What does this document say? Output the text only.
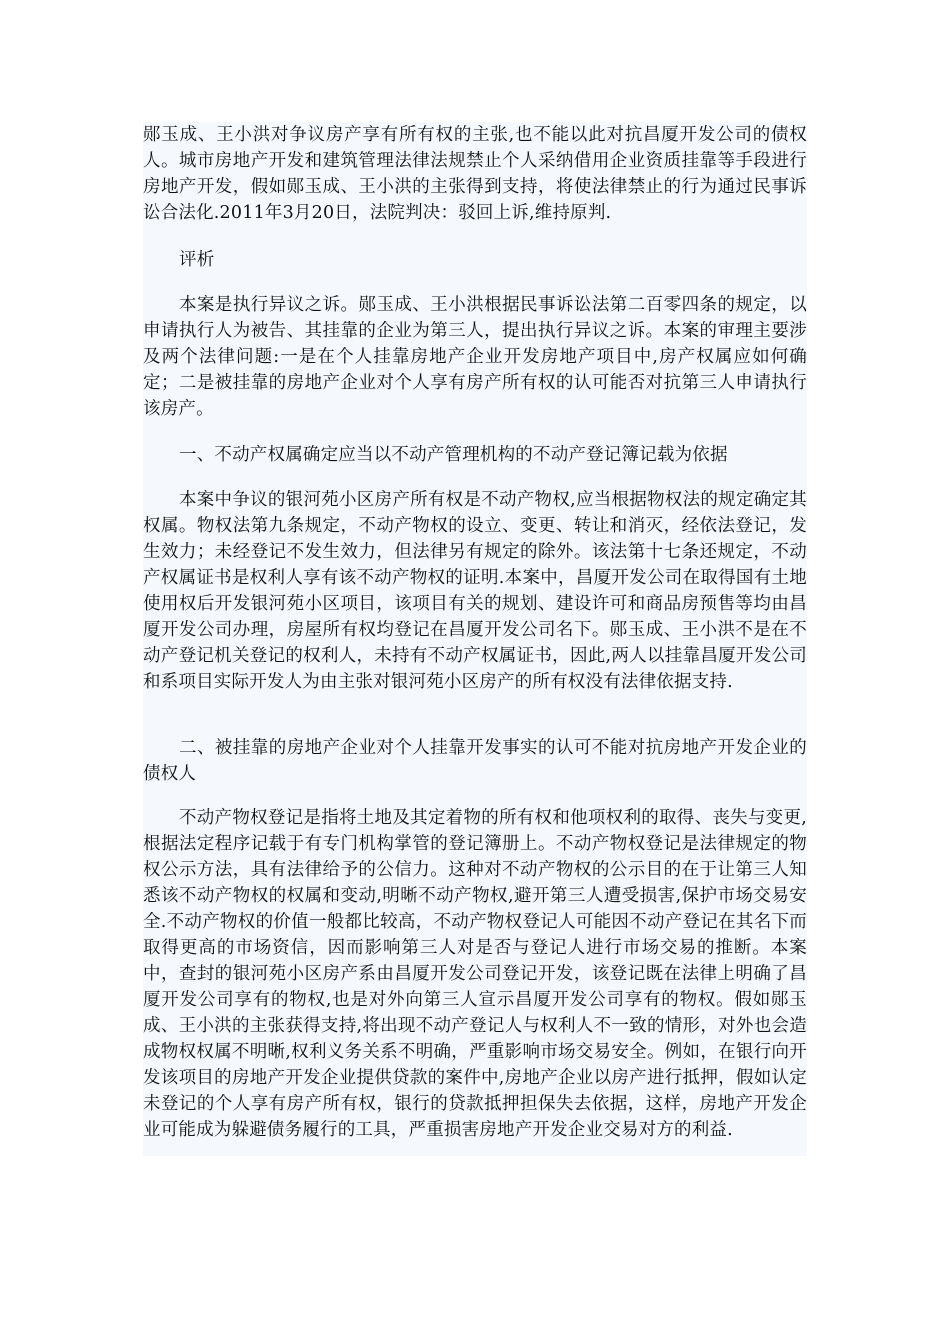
郧玉成、王小洪对争议房产享有所有权的主张,也不能以此对抗昌厦开发公司的债权人。城市房地产开发和建筑管理法律法规禁止个人采纳借用企业资质挂靠等手段进行房地产开发，假如郧玉成、王小洪的主张得到支持，将使法律禁止的行为通过民事诉讼合法化.2011年3月20日，法院判决：驳回上诉,维持原判.

评析

本案是执行异议之诉。郧玉成、王小洪根据民事诉讼法第二百零四条的规定，以申请执行人为被告、其挂靠的企业为第三人，提出执行异议之诉。本案的审理主要涉及两个法律问题:一是在个人挂靠房地产企业开发房地产项目中,房产权属应如何确定；二是被挂靠的房地产企业对个人享有房产所有权的认可能否对抗第三人申请执行该房产。

一、不动产权属确定应当以不动产管理机构的不动产登记簿记载为依据

本案中争议的银河苑小区房产所有权是不动产物权,应当根据物权法的规定确定其权属。物权法第九条规定，不动产物权的设立、变更、转让和消灭，经依法登记，发生效力；未经登记不发生效力，但法律另有规定的除外。该法第十七条还规定，不动产权属证书是权利人享有该不动产物权的证明.本案中，昌厦开发公司在取得国有土地使用权后开发银河苑小区项目，该项目有关的规划、建设许可和商品房预售等均由昌厦开发公司办理，房屋所有权均登记在昌厦开发公司名下。郧玉成、王小洪不是在不动产登记机关登记的权利人，未持有不动产权属证书，因此,两人以挂靠昌厦开发公司和系项目实际开发人为由主张对银河苑小区房产的所有权没有法律依据支持.

二、被挂靠的房地产企业对个人挂靠开发事实的认可不能对抗房地产开发企业的债权人

不动产物权登记是指将土地及其定着物的所有权和他项权利的取得、丧失与变更,根据法定程序记载于有专门机构掌管的登记簿册上。不动产物权登记是法律规定的物权公示方法，具有法律给予的公信力。这种对不动产物权的公示目的在于让第三人知悉该不动产物权的权属和变动,明晰不动产物权,避开第三人遭受损害,保护市场交易安全.不动产物权的价值一般都比较高，不动产物权登记人可能因不动产登记在其名下而取得更高的市场资信，因而影响第三人对是否与登记人进行市场交易的推断。本案中，查封的银河苑小区房产系由昌厦开发公司登记开发，该登记既在法律上明确了昌厦开发公司享有的物权,也是对外向第三人宣示昌厦开发公司享有的物权。假如郧玉成、王小洪的主张获得支持,将出现不动产登记人与权利人不一致的情形，对外也会造成物权权属不明晰,权利义务关系不明确，严重影响市场交易安全。例如，在银行向开发该项目的房地产开发企业提供贷款的案件中,房地产企业以房产进行抵押，假如认定未登记的个人享有房产所有权，银行的贷款抵押担保失去依据，这样，房地产开发企业可能成为躲避债务履行的工具，严重损害房地产开发企业交易对方的利益.
